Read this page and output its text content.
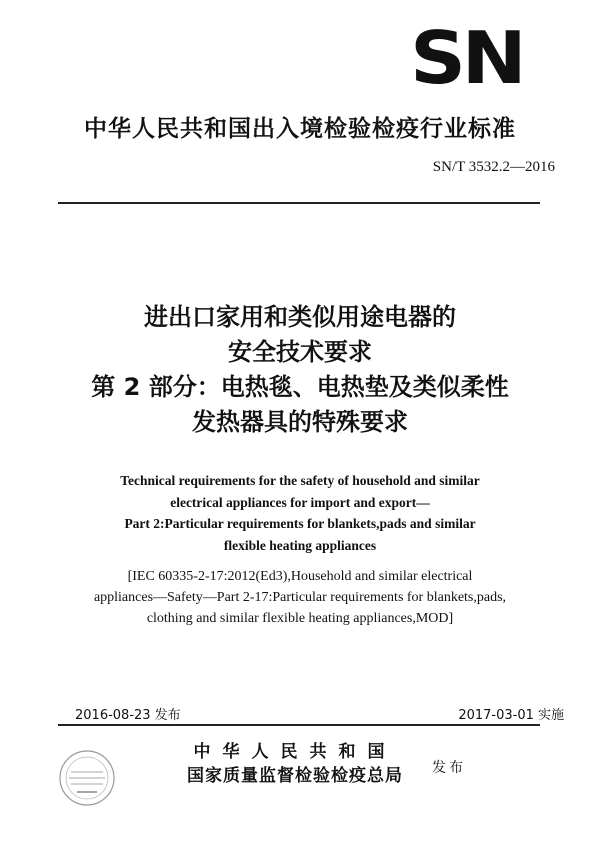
SN
中华人民共和国出入境检验检疫行业标准
SN/T 3532.2—2016
进出口家用和类似用途电器的
安全技术要求
第 2 部分：电热毯、电热垫及类似柔性
发热器具的特殊要求
Technical requirements for the safety of household and similar
electrical appliances for import and export—
Part 2:Particular requirements for blankets,pads and similar
flexible heating appliances
[IEC 60335-2-17:2012(Ed3),Household and similar electrical
appliances—Safety—Part 2-17:Particular requirements for blankets,pads,
clothing and similar flexible heating appliances,MOD]
2016-08-23 发布	2017-03-01 实施
中华人民共和国
国家质量监督检验检疫总局	发布
